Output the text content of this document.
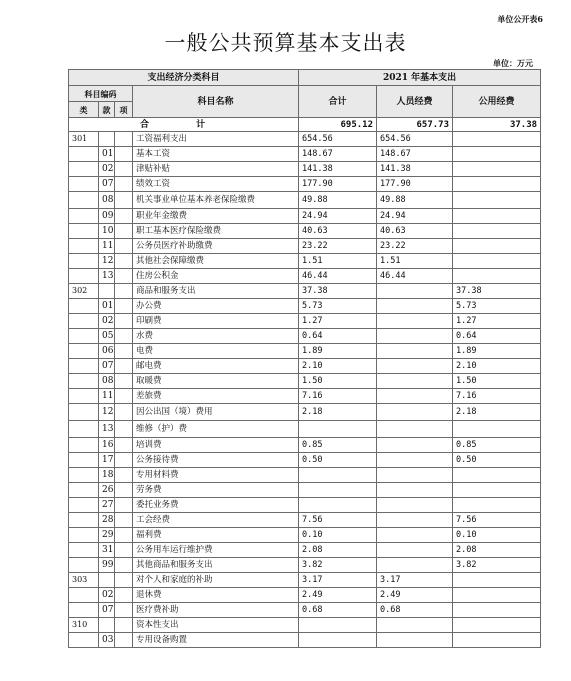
单位公开表6
一般公共预算基本支出表
单位：万元
支出经济分类科目				2021 年基本支出		
科目编码			科目名称	合计	人员经费	公用经费
类	款	项				
合 计				695.12	657.73	37.38
301			工资福利支出	654.56	654.56	
	01		基本工资	148.67	148.67	
	02		津贴补贴	141.38	141.38	
	07		绩效工资	177.90	177.90	
	08		机关事业单位基本养老保险缴费	49.88	49.88	
	09		职业年金缴费	24.94	24.94	
	10		职工基本医疗保险缴费	40.63	40.63	
	11		公务员医疗补助缴费	23.22	23.22	
	12		其他社会保障缴费	1.51	1.51	
	13		住房公积金	46.44	46.44	
302			商品和服务支出	37.38		37.38
	01		办公费	5.73		5.73
	02		印刷费	1.27		1.27
	05		水费	0.64		0.64
	06		电费	1.89		1.89
	07		邮电费	2.10		2.10
	08		取暖费	1.50		1.50
	11		差旅费	7.16		7.16
	12		因公出国（境）费用	2.18		2.18
	13		维修（护）费			
	16		培训费	0.85		0.85
	17		公务接待费	0.50		0.50
	18		专用材料费			
	26		劳务费			
	27		委托业务费			
	28		工会经费	7.56		7.56
	29		福利费	0.10		0.10
	31		公务用车运行维护费	2.08		2.08
	99		其他商品和服务支出	3.82		3.82
303			对个人和家庭的补助	3.17	3.17	
	02		退休费	2.49	2.49	
	07		医疗费补助	0.68	0.68	
310			资本性支出			
	03		专用设备购置			
